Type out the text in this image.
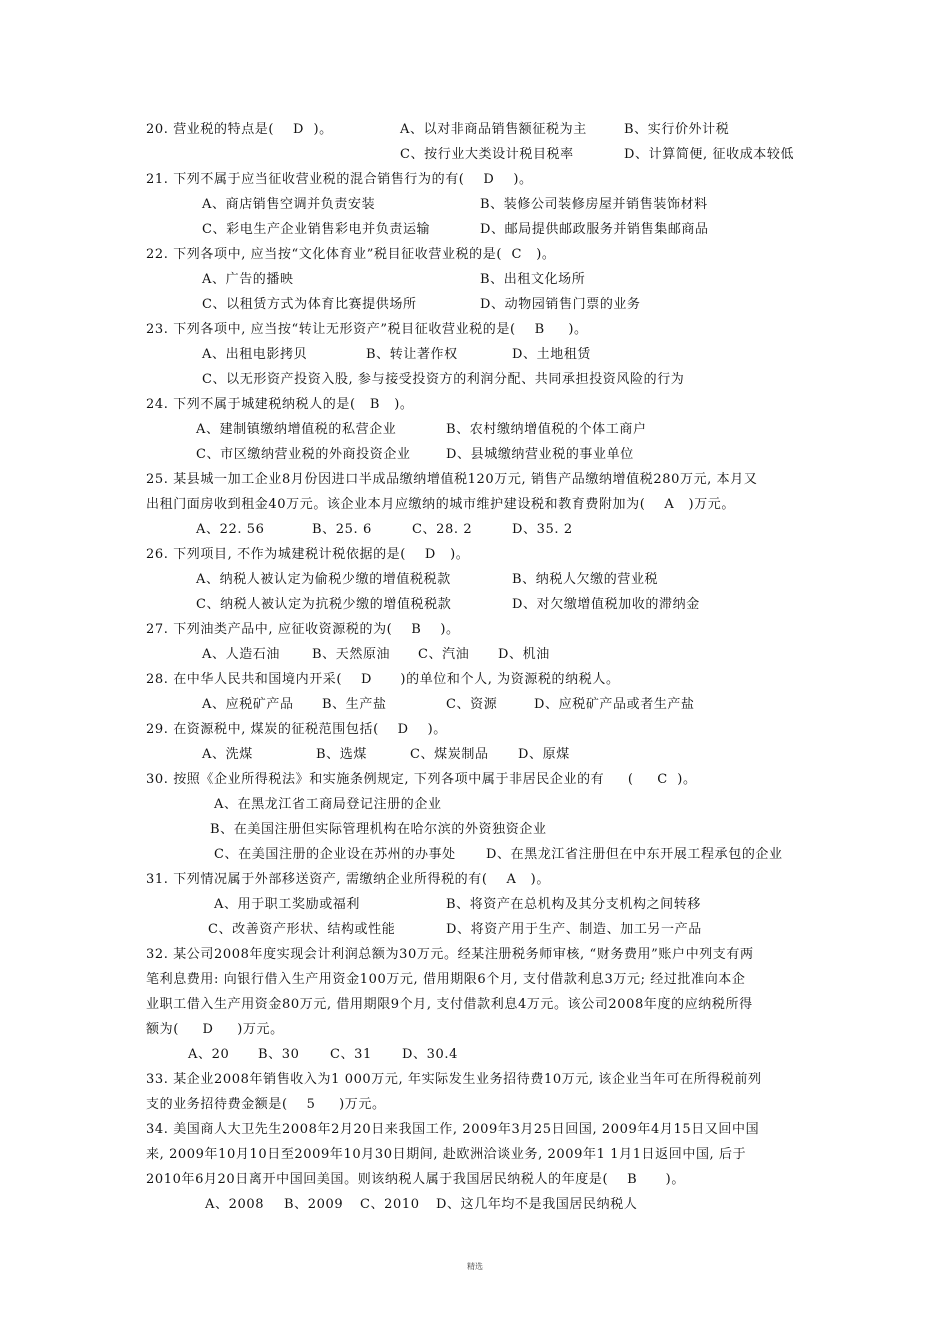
20. 营业税的特点是(    D  )。	A、以对非商品销售额征税为主	B、实行价外计税
C、按行业大类设计税目税率	D、计算简便, 征收成本较低
21. 下列不属于应当征收营业税的混合销售行为的有(    D    )。
A、商店销售空调并负责安装	B、装修公司装修房屋并销售装饰材料
C、彩电生产企业销售彩电并负责运输	D、邮局提供邮政服务并销售集邮商品
22. 下列各项中, 应当按“文化体育业”税目征收营业税的是(  C   )。
A、广告的播映	B、出租文化场所
C、以租赁方式为体育比赛提供场所	D、动物园销售门票的业务
23. 下列各项中, 应当按“转让无形资产”税目征收营业税的是(    B     )。
A、出租电影拷贝	B、转让著作权	D、土地租赁
C、以无形资产投资入股, 参与接受投资方的利润分配、共同承担投资风险的行为
24. 下列不属于城建税纳税人的是(   B   )。
A、建制镇缴纳增值税的私营企业	B、农村缴纳增值税的个体工商户
C、市区缴纳营业税的外商投资企业	D、县城缴纳营业税的事业单位
25. 某县城一加工企业8月份因进口半成品缴纳增值税120万元, 销售产品缴纳增值税280万元, 本月又
出租门面房收到租金40万元。该企业本月应缴纳的城市维护建设税和教育费附加为(    A   )万元。
A、22. 56	B、25. 6	C、28. 2	D、35. 2
26. 下列项目, 不作为城建税计税依据的是(    D   )。
A、纳税人被认定为偷税少缴的增值税税款	B、纳税人欠缴的营业税
C、纳税人被认定为抗税少缴的增值税税款	D、对欠缴增值税加收的滞纳金
27. 下列油类产品中, 应征收资源税的为(    B    )。
A、人造石油 B、天然原油 C、汽油 D、机油
28. 在中华人民共和国境内开采(    D      )的单位和个人, 为资源税的纳税人。
A、应税矿产品 B、生产盐	C、资源	D、应税矿产品或者生产盐
29. 在资源税中, 煤炭的征税范围包括(    D    )。
A、洗煤	B、选煤	C、煤炭制品 D、原煤
30. 按照《企业所得税法》和实施条例规定, 下列各项中属于非居民企业的有     (     C  )。
A、在黑龙江省工商局登记注册的企业
B、在美国注册但实际管理机构在哈尔滨的外资独资企业
C、在美国注册的企业设在苏州的办事处 D、在黑龙江省注册但在中东开展工程承包的企业
31. 下列情况属于外部移送资产, 需缴纳企业所得税的有(    A   )。
A、用于职工奖励或福利	B、将资产在总机构及其分支机构之间转移
C、改善资产形状、结构或性能	D、将资产用于生产、制造、加工另一产品
32. 某公司2008年度实现会计利润总额为30万元。经某注册税务师审核, “财务费用”账户中列支有两
笔利息费用: 向银行借入生产用资金100万元, 借用期限6个月, 支付借款利息3万元; 经过批准向本企
业职工借入生产用资金80万元, 借用期限9个月, 支付借款利息4万元。该公司2008年度的应纳税所得
额为(     D     )万元。
A、20 B、30 C、31 D、30.4
33. 某企业2008年销售收入为1 000万元, 年实际发生业务招待费10万元, 该企业当年可在所得税前列
支的业务招待费金额是(    5     )万元。
34. 美国商人大卫先生2008年2月20日来我国工作, 2009年3月25日回国, 2009年4月15日又回中国
来, 2009年10月10日至2009年10月30日期间, 赴欧洲洽谈业务, 2009年1 1月1日返回中国, 后于
2010年6月20日离开中国回美国。则该纳税人属于我国居民纳税人的年度是(    B      )。
A、2008 B、2009 C、2010 D、这几年均不是我国居民纳税人
精选
